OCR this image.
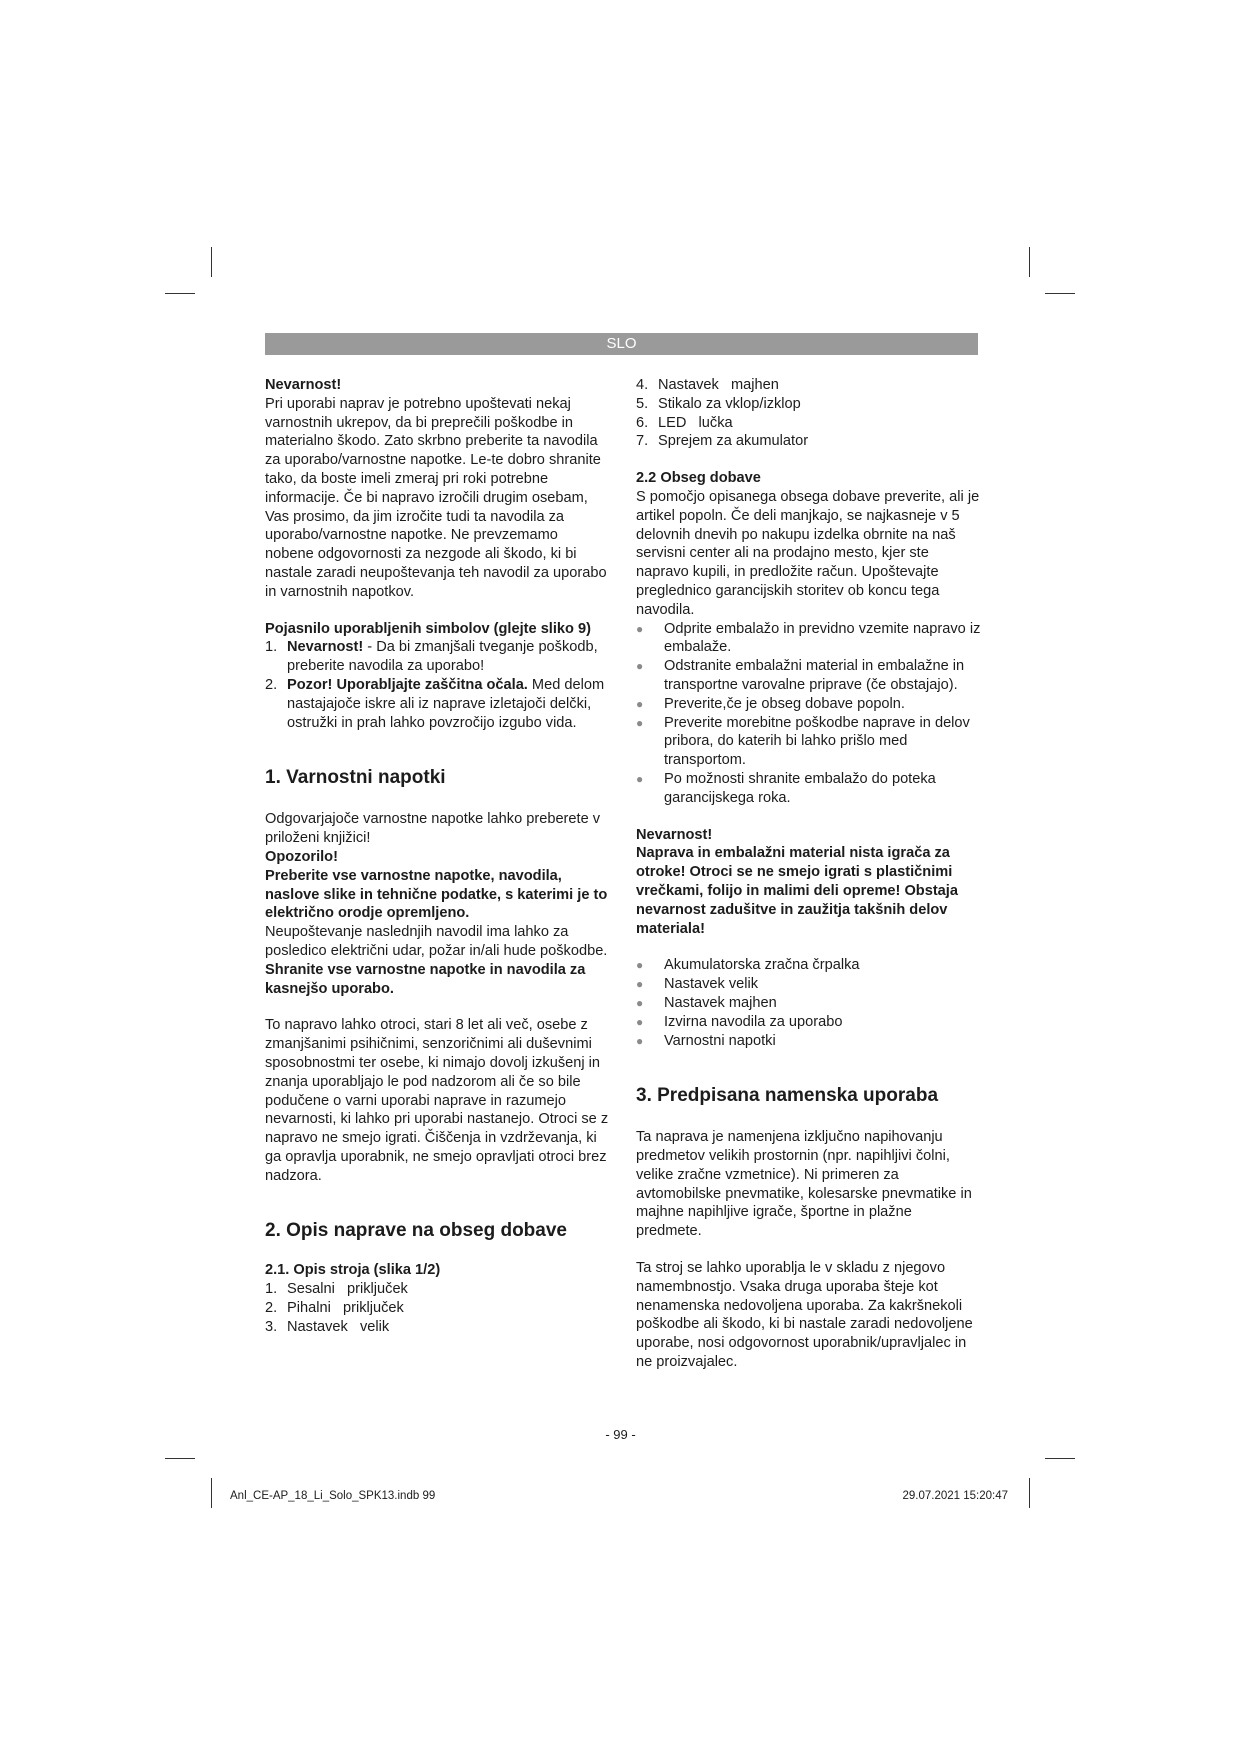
SLO

Nevarnost!

Pri uporabi naprav je potrebno upoštevati nekaj varnostnih ukrepov, da bi preprečili poškodbe in materialno škodo. Zato skrbno preberite ta navodila za uporabo/varnostne napotke. Le-te dobro shranite tako, da boste imeli zmeraj pri roki potrebne informacije. Če bi napravo izročili drugim osebam, Vas prosimo, da jim izročite tudi ta navodila za uporabo/varnostne napotke. Ne prevzemamo nobene odgovornosti za nezgode ali škodo, ki bi nastale zaradi neupoštevanja teh navodil za uporabo in varnostnih napotkov.

Pojasnilo uporabljenih simbolov (glejte sliko 9)

1. Nevarnost! - Da bi zmanjšali tveganje poškodb, preberite navodila za uporabo!
2. Pozor! Uporabljajte zaščitna očala. Med delom nastajajoče iskre ali iz naprave izletajoči delčki, ostružki in prah lahko povzročijo izgubo vida.

1. Varnostni napotki

Odgovarjajoče varnostne napotke lahko preberete v priloženi knjižici!

Opozorilo!

Preberite vse varnostne napotke, navodila, naslove slike in tehnične podatke, s katerimi je to električno orodje opremljeno.

Neupoštevanje naslednjih navodil ima lahko za posledico električni udar, požar in/ali hude poškodbe.

Shranite vse varnostne napotke in navodila za kasnejšo uporabo.

To napravo lahko otroci, stari 8 let ali več, osebe z zmanjšanimi psihičnimi, senzoričnimi ali duševnimi sposobnostmi ter osebe, ki nimajo dovolj izkušenj in znanja uporabljajo le pod nadzorom ali če so bile podučene o varni uporabi naprave in razumejo nevarnosti, ki lahko pri uporabi nastanejo. Otroci se z napravo ne smejo igrati. Čiščenja in vzdrževanja, ki ga opravlja uporabnik, ne smejo opravljati otroci brez nadzora.

2. Opis naprave na obseg dobave

2.1. Opis stroja (slika 1/2)

1. Sesalni   priključek
2. Pihalni   priključek
3. Nastavek   velik
4. Nastavek   majhen
5. Stikalo za vklop/izklop
6. LED   lučka
7. Sprejem za akumulator

2.2 Obseg dobave

S pomočjo opisanega obsega dobave preverite, ali je artikel popoln. Če deli manjkajo, se najkasneje v 5 delovnih dnevih po nakupu izdelka obrnite na naš servisni center ali na prodajno mesto, kjer ste napravo kupili, in predložite račun. Upoštevajte preglednico garancijskih storitev ob koncu tega navodila.

●	Odprite embalažo in previdno vzemite napravo iz embalaže.
●	Odstranite embalažni material in embalažne in transportne varovalne priprave (če obstajajo).
●	Preverite,če je obseg dobave popoln.
●	Preverite morebitne poškodbe naprave in delov pribora, do katerih bi lahko prišlo med transportom.
●	Po možnosti shranite embalažo do poteka garancijskega roka.

Nevarnost!

Naprava in embalažni material nista igrača za otroke! Otroci se ne smejo igrati s plastičnimi vrečkami, folijo in malimi deli opreme! Obstaja nevarnost zadušitve in zaužitja takšnih delov materiala!

●	Akumulatorska zračna črpalka
●	Nastavek velik
●	Nastavek majhen
●	Izvirna navodila za uporabo
●	Varnostni napotki

3. Predpisana namenska uporaba

Ta naprava je namenjena izključno napihovanju predmetov velikih prostornin (npr. napihljivi čolni, velike zračne vzmetnice). Ni primeren za avtomobilske pnevmatike, kolesarske pnevmatike in majhne napihljive igrače, športne in plažne predmete.

Ta stroj se lahko uporablja le v skladu z njegovo namembnostjo. Vsaka druga uporaba šteje kot nenamenska nedovoljena uporaba. Za kakršnekoli poškodbe ali škodo, ki bi nastale zaradi nedovoljene uporabe, nosi odgovornost uporabnik/upravljalec in ne proizvajalec.

- 99 -
Anl_CE-AP_18_Li_Solo_SPK13.indb 99	29.07.2021 15:20:47
